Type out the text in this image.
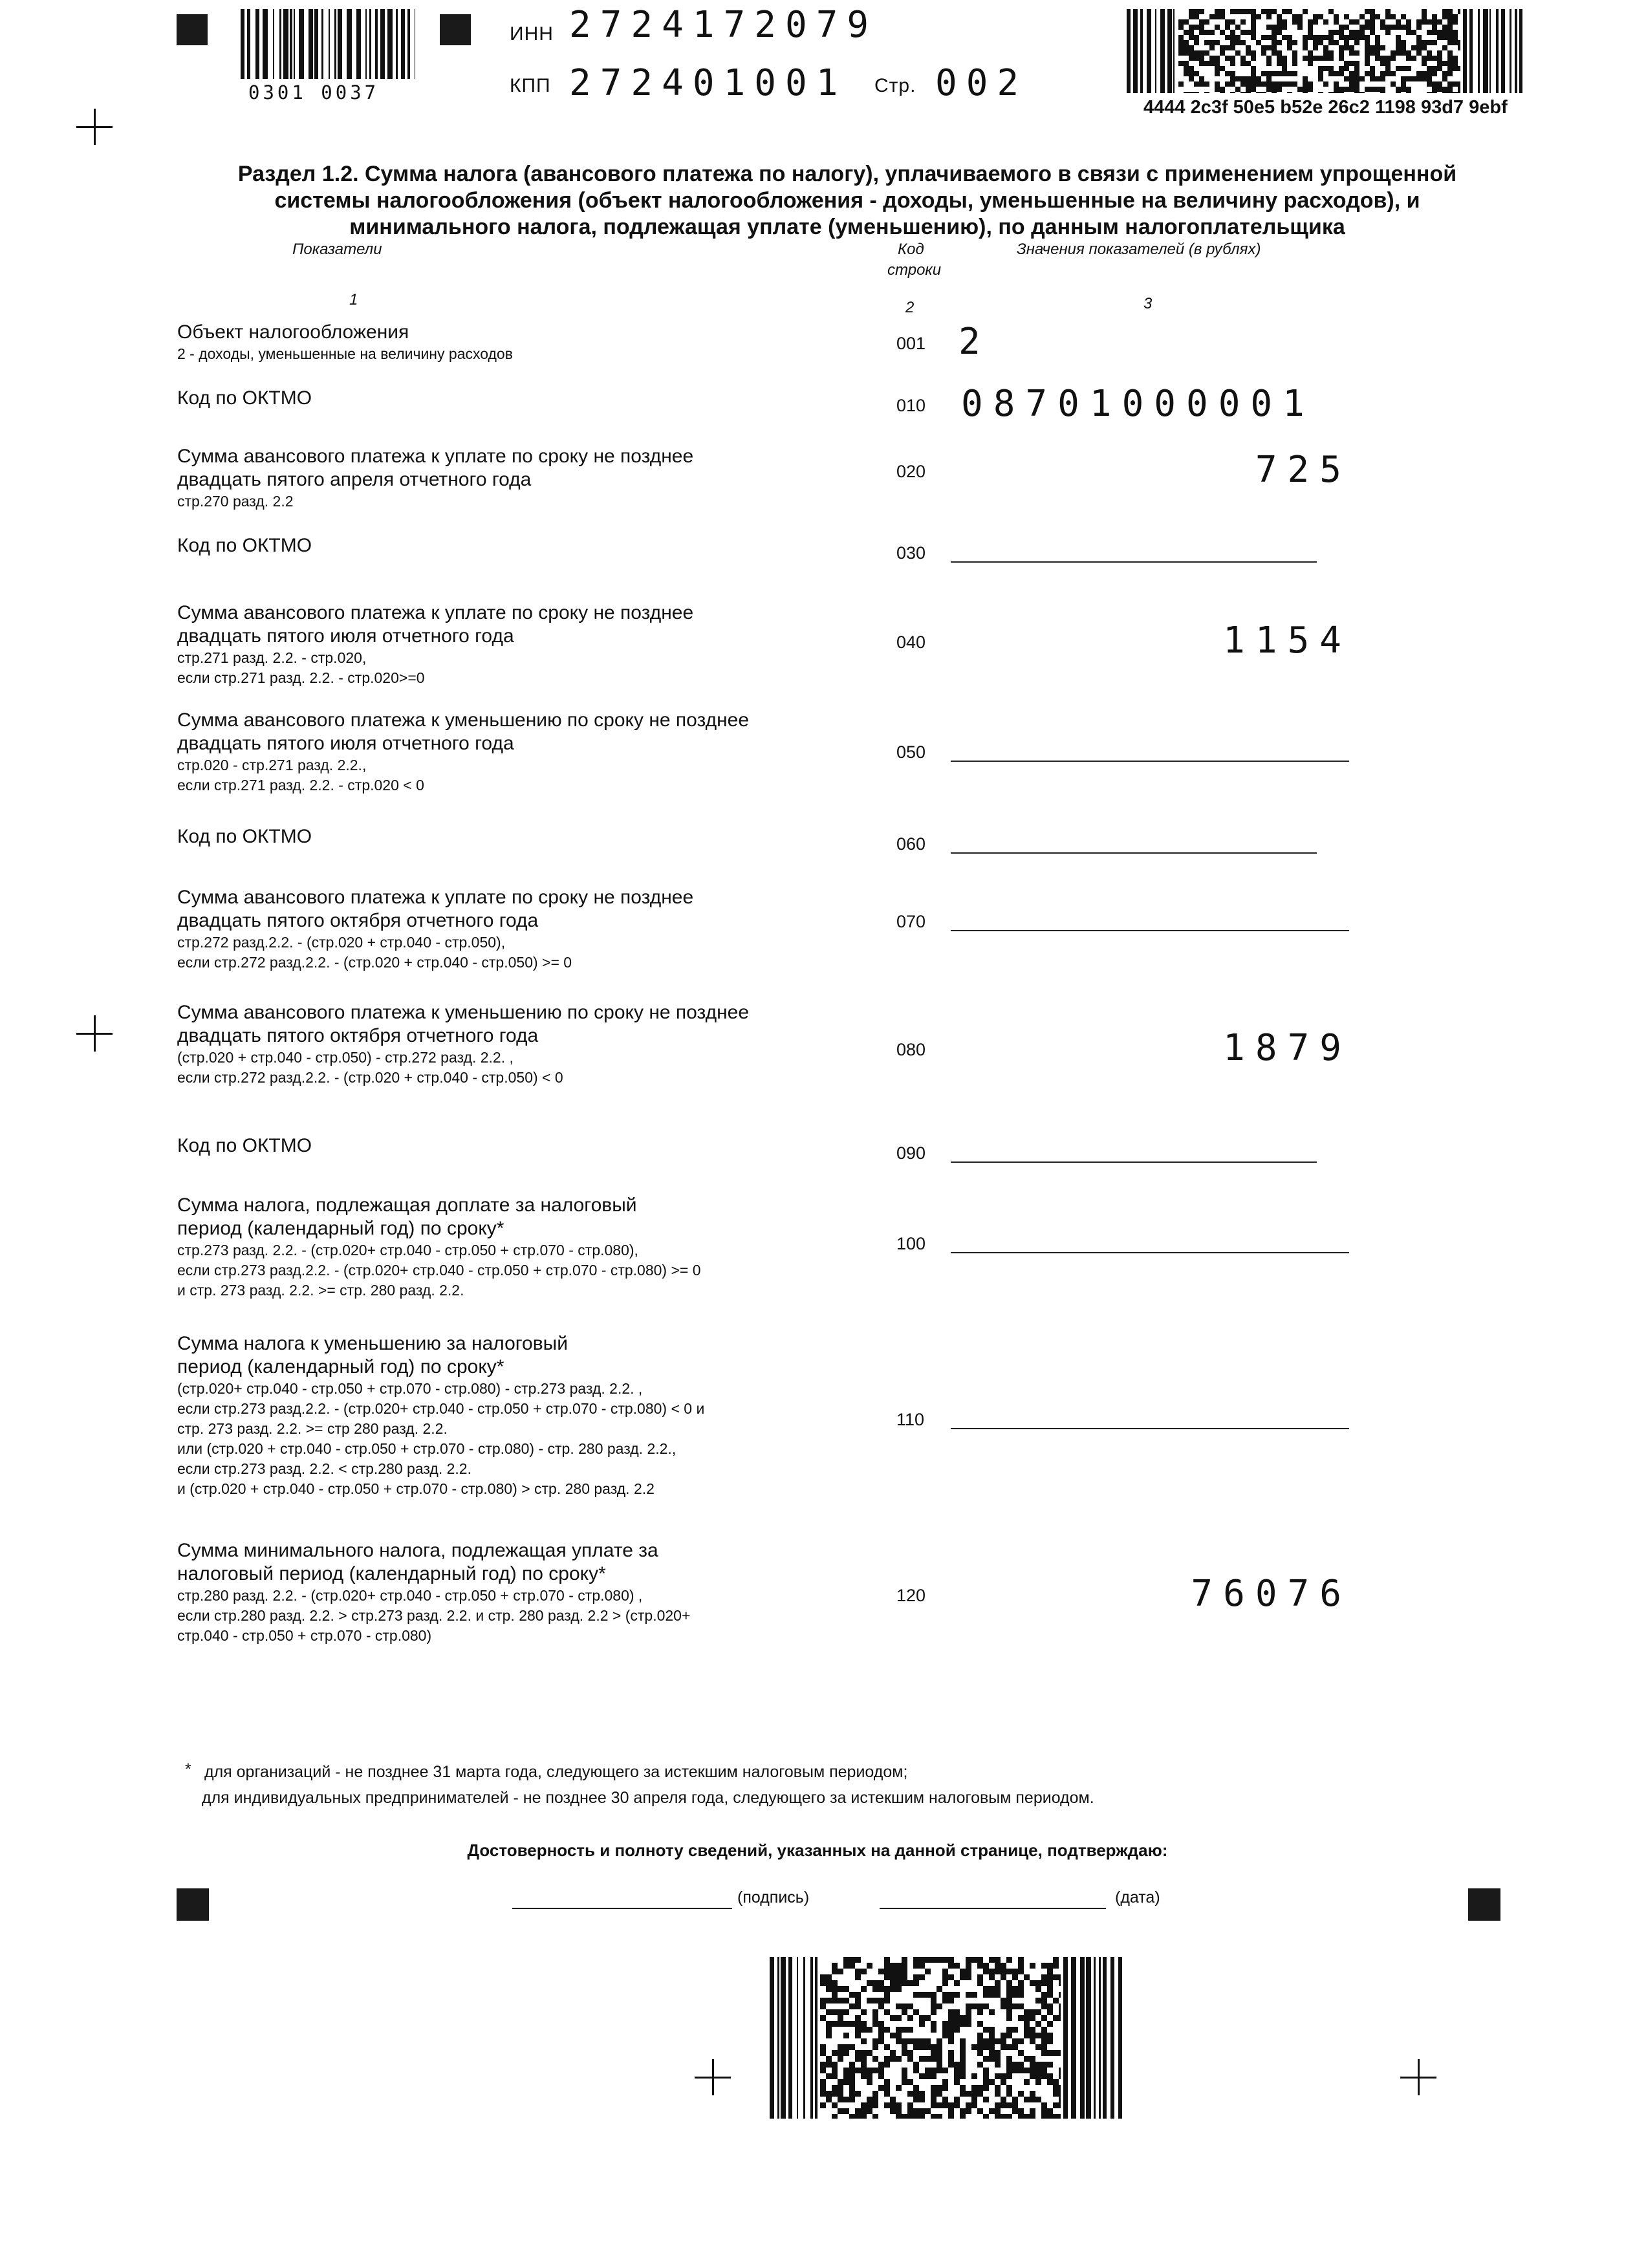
0301 0037
ИНН 2724172079
КПП 272401001 Стр. 002
4444 2c3f 50e5 b52e 26c2 1198 93d7 9ebf
Раздел 1.2. Сумма налога (авансового платежа по налогу), уплачиваемого в связи с применением упрощенной
системы налогообложения (объект налогообложения - доходы, уменьшенные на величину расходов), и
минимального налога, подлежащая уплате (уменьшению), по данным налогоплательщика
Показатели	Код
строки
Значения показателей (в рублях)
1	2	3
Объект налогообложения
2 - доходы, уменьшенные на величину расходов
001 2
Код по ОКТМО	010 08701000001
Сумма авансового платежа к уплате по сроку не позднее
двадцать пятого апреля отчетного года
стр.270 разд. 2.2
020	725
Код по ОКТМО	030
Сумма авансового платежа к уплате по сроку не позднее
двадцать пятого июля отчетного года
стр.271 разд. 2.2. - стр.020,
если стр.271 разд. 2.2. - стр.020>=0
040	1154
Сумма авансового платежа к уменьшению по сроку не позднее
двадцать пятого июля отчетного года
стр.020 - стр.271 разд. 2.2.,
если стр.271 разд. 2.2. - стр.020 < 0
050
Код по ОКТМО	060
Сумма авансового платежа к уплате по сроку не позднее
двадцать пятого октября отчетного года
стр.272 разд.2.2. - (стр.020 + стр.040 - стр.050),
если стр.272 разд.2.2. - (стр.020 + стр.040 - стр.050) >= 0
070
Сумма авансового платежа к уменьшению по сроку не позднее
двадцать пятого октября отчетного года
(стр.020 + стр.040 - стр.050) - стр.272 разд. 2.2. ,
если стр.272 разд.2.2. - (стр.020 + стр.040 - стр.050) < 0
080	1879
Код по ОКТМО	090
Сумма налога, подлежащая доплате за налоговый
период (календарный год) по сроку*
стр.273 разд. 2.2. - (стр.020+ стр.040 - стр.050 + стр.070 - стр.080),
если стр.273 разд.2.2. - (стр.020+ стр.040 - стр.050 + стр.070 - стр.080) >= 0
и стр. 273 разд. 2.2. >= стр. 280 разд. 2.2.
100
Сумма налога к уменьшению за налоговый
период (календарный год) по сроку*
(стр.020+ стр.040 - стр.050 + стр.070 - стр.080) - стр.273 разд. 2.2. ,
если стр.273 разд.2.2. - (стр.020+ стр.040 - стр.050 + стр.070 - стр.080) < 0 и
стр. 273 разд. 2.2. >= стр 280 разд. 2.2.
или (стр.020 + стр.040 - стр.050 + стр.070 - стр.080) - стр. 280 разд. 2.2.,
если стр.273 разд. 2.2. < стр.280 разд. 2.2.
и (стр.020 + стр.040 - стр.050 + стр.070 - стр.080) > стр. 280 разд. 2.2
110
Сумма минимального налога, подлежащая уплате за
налоговый период (календарный год) по сроку*
стр.280 разд. 2.2. - (стр.020+ стр.040 - стр.050 + стр.070 - стр.080) ,
если стр.280 разд. 2.2. > стр.273 разд. 2.2. и стр. 280 разд. 2.2 > (стр.020+
стр.040 - стр.050 + стр.070 - стр.080)
120	76076
* для организаций - не позднее 31 марта года, следующего за истекшим налоговым периодом;
для индивидуальных предпринимателей - не позднее 30 апреля года, следующего за истекшим налоговым периодом.
Достоверность и полноту сведений, указанных на данной странице, подтверждаю:
(подпись)	(дата)
